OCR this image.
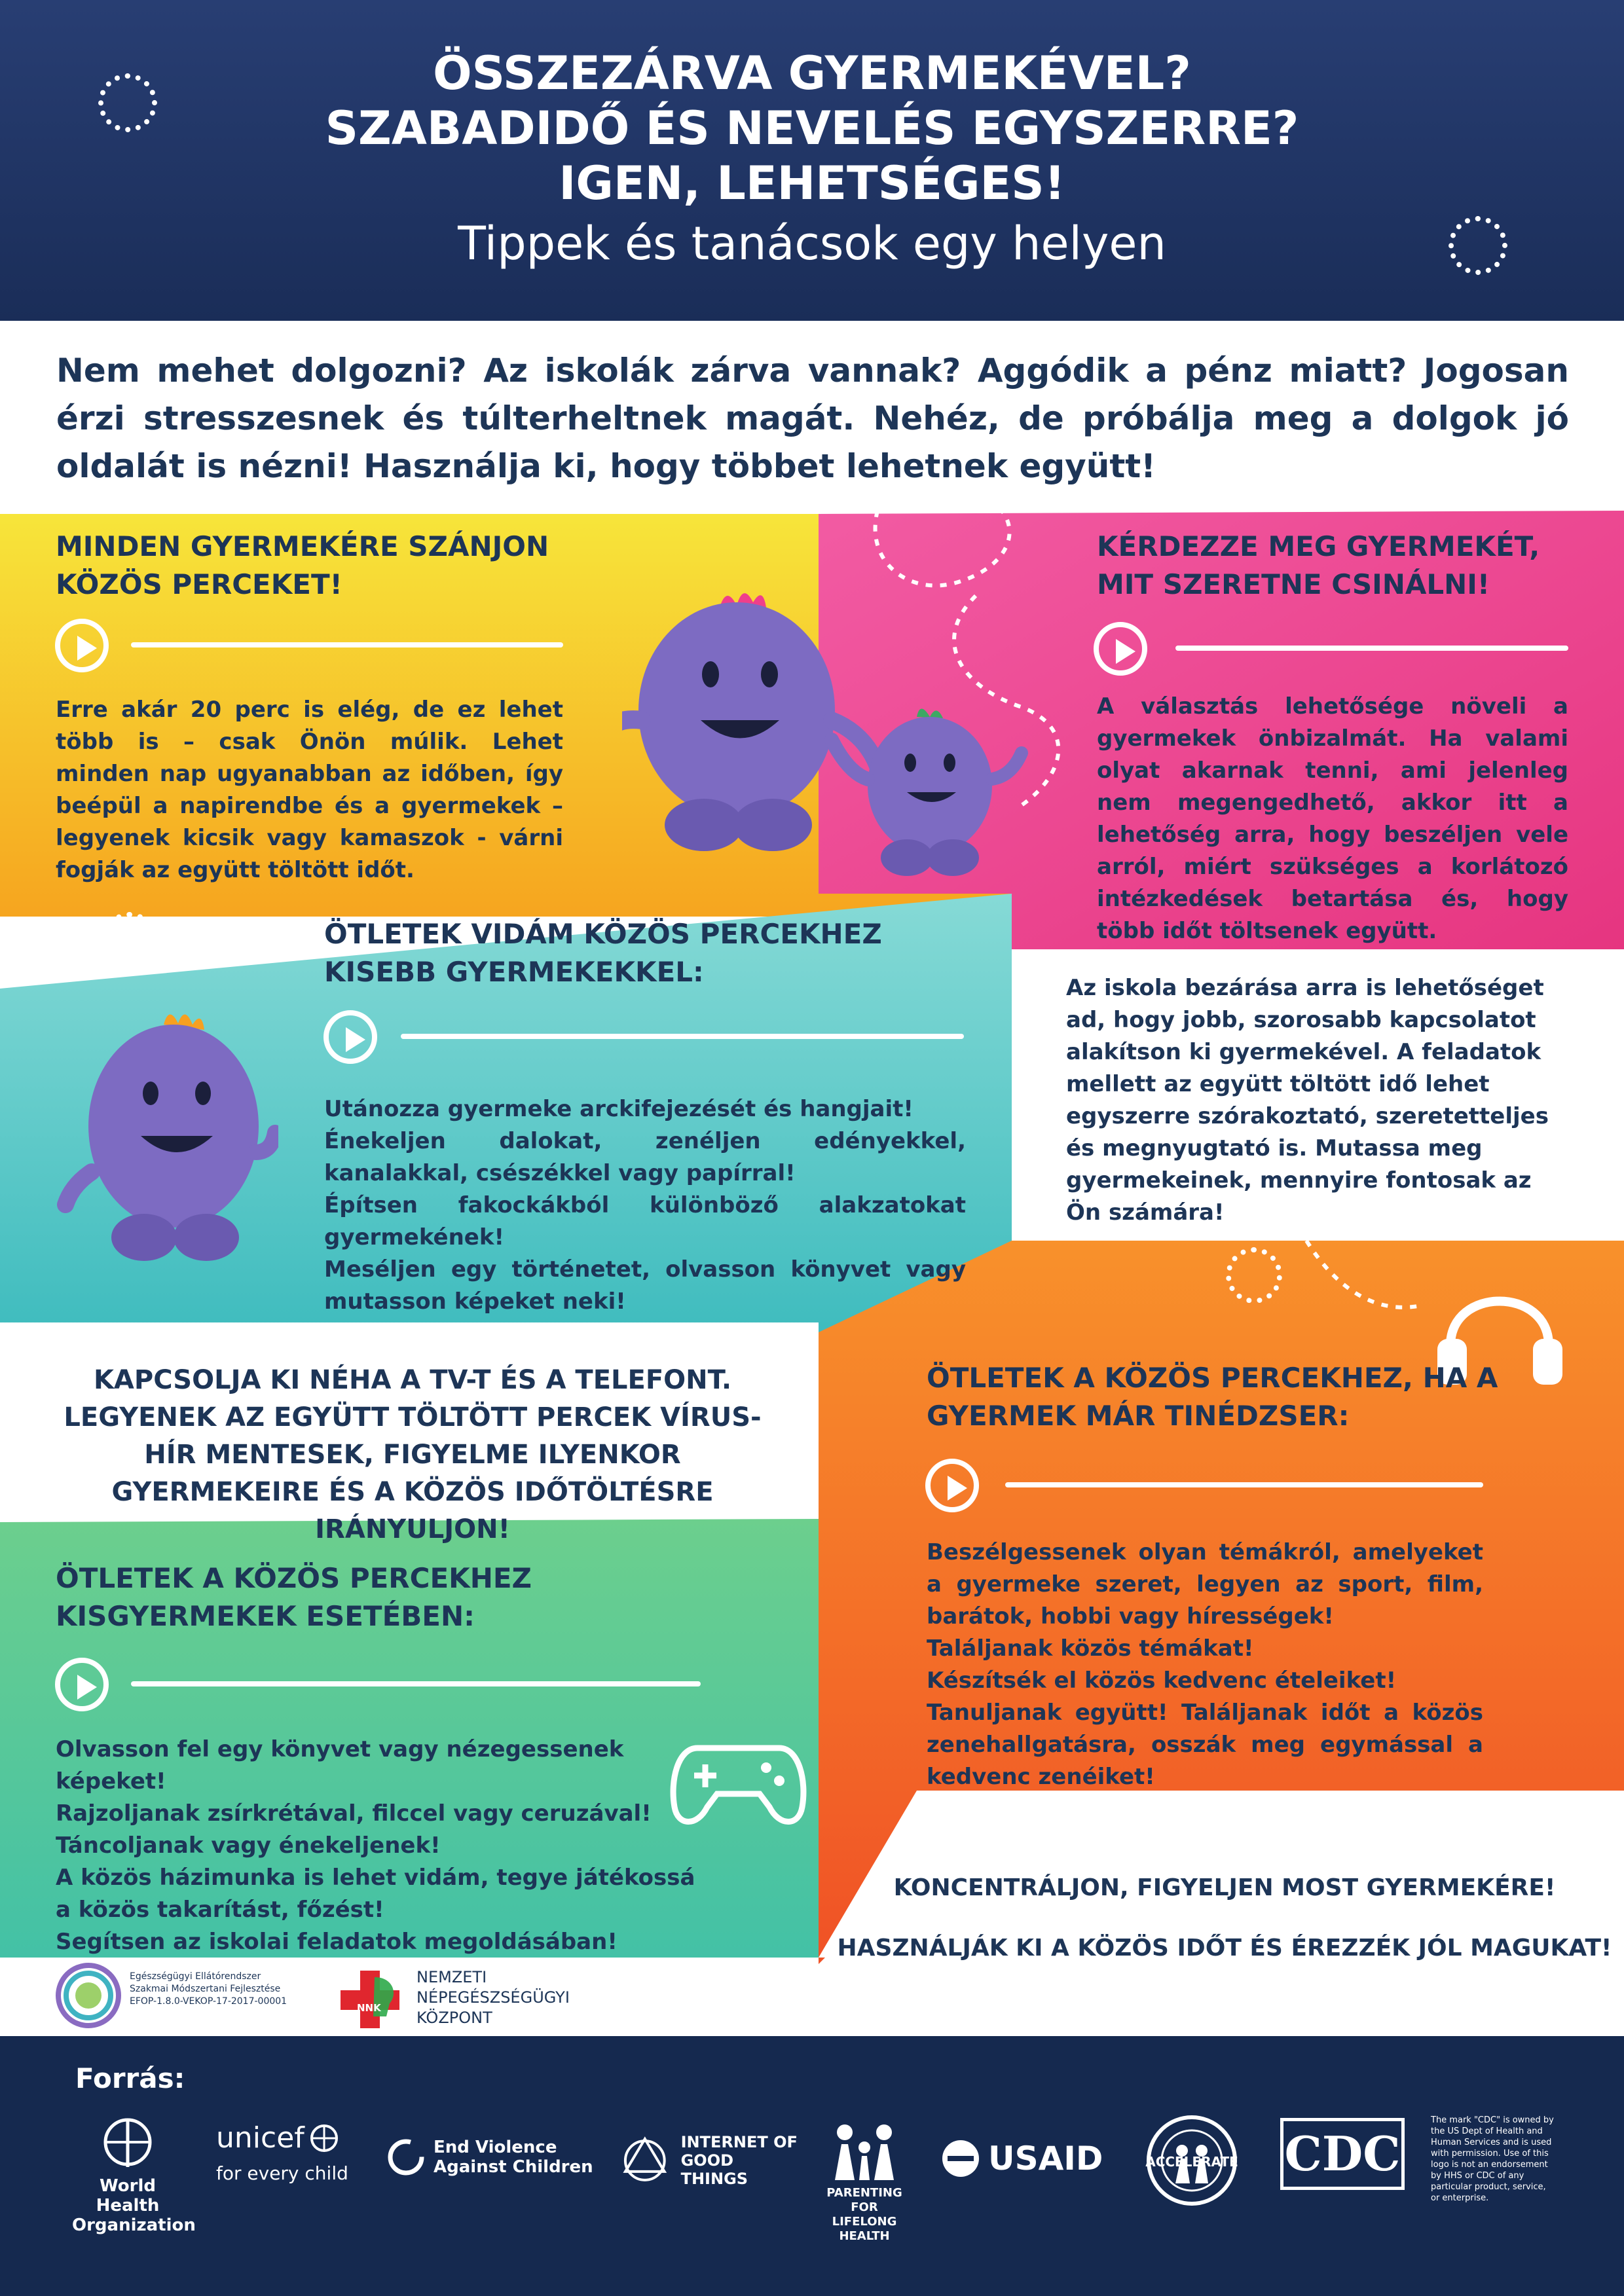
ÖSSZEZÁRVA GYERMEKÉVEL?
SZABADIDŐ ÉS NEVELÉS EGYSZERRE?
IGEN, LEHETSÉGES!
Tippek és tanácsok egy helyen
Nem mehet dolgozni? Az iskolák zárva vannak? Aggódik a pénz miatt? Jogosan érzi stresszesnek és túlterheltnek magát. Nehéz, de próbálja meg a dolgok jó oldalát is nézni! Használja ki, hogy többet lehetnek együtt!
MINDEN GYERMEKÉRE SZÁNJON KÖZÖS PERCEKET!
Erre akár 20 perc is elég, de ez lehet több is – csak Önön múlik. Lehet minden nap ugyanabban az időben, így beépül a napirendbe és a gyermekek – legyenek kicsik vagy kamaszok - várni fogják az együtt töltött időt.
KÉRDEZZE MEG GYERMEKÉT, MIT SZERETNE CSINÁLNI!
A választás lehetősége növeli a gyermekek önbizalmát. Ha valami olyat akarnak tenni, ami jelenleg nem megengedhető, akkor itt a lehetőség arra, hogy beszéljen vele arról, miért szükséges a korlátozó intézkedések betartása és, hogy több időt töltsenek együtt.
ÖTLETEK VIDÁM KÖZÖS PERCEKHEZ KISEBB GYERMEKEKKEL:
Utánozza gyermeke arckifejezését és hangjait!
Énekeljen dalokat, zenéljen edényekkel, kanalakkal, csészékkel vagy papírral!
Építsen fakockákból különböző alakzatokat gyermekének!
Meséljen egy történetet, olvasson könyvet vagy mutasson képeket neki!
Az iskola bezárása arra is lehetőséget ad, hogy jobb, szorosabb kapcsolatot alakítson ki gyermekével. A feladatok mellett az együtt töltött idő lehet egyszerre szórakoztató, szeretetteljes és megnyugtató is. Mutassa meg gyermekeinek, mennyire fontosak az Ön számára!
KAPCSOLJA KI NÉHA A TV-T ÉS A TELEFONT. LEGYENEK AZ EGYÜTT TÖLTÖTT PERCEK VÍRUS-HÍR MENTESEK, FIGYELME ILYENKOR GYERMEKEIRE ÉS A KÖZÖS IDŐTÖLTÉSRE IRÁNYULJON!
ÖTLETEK A KÖZÖS PERCEKHEZ, HA A GYERMEK MÁR TINÉDZSER:
Beszélgessenek olyan témákról, amelyeket a gyermeke szeret, legyen az sport, film, barátok, hobbi vagy hírességek!
Találjanak közös témákat!
Készítsék el közös kedvenc ételeiket!
Tanuljanak együtt! Találjanak időt a közös zenehallgatásra, osszák meg egymással a kedvenc zenéiket!
ÖTLETEK A KÖZÖS PERCEKHEZ KISGYERMEKEK ESETÉBEN:
Olvasson fel egy könyvet vagy nézegessenek képeket!
Rajzoljanak zsírkrétával, filccel vagy ceruzával!
Táncoljanak vagy énekeljenek!
A közös házimunka is lehet vidám, tegye játékossá a közös takarítást, főzést!
Segítsen az iskolai feladatok megoldásában!
KONCENTRÁLJON, FIGYELJEN MOST GYERMEKÉRE!
HASZNÁLJÁK KI A KÖZÖS IDŐT ÉS ÉREZZÉK JÓL MAGUKAT!
Egészségügyi Ellátórendszer
Szakmai Módszertani Fejlesztése
EFOP-1.8.0-VEKOP-17-2017-00001
NNK
NEMZETI
NÉPEGÉSZSÉGÜGYI
KÖZPONT
Forrás:
World Health
Organization
unicef
for every child
End Violence
Against Children
INTERNET OF
GOOD THINGS
PARENTING FOR
LIFELONG HEALTH
USAID	ACCELERATE CDC
The mark "CDC" is owned by the US Dept of Health and Human Services and is used with permission. Use of this logo is not an endorsement by HHS or CDC of any particular product, service, or enterprise.
